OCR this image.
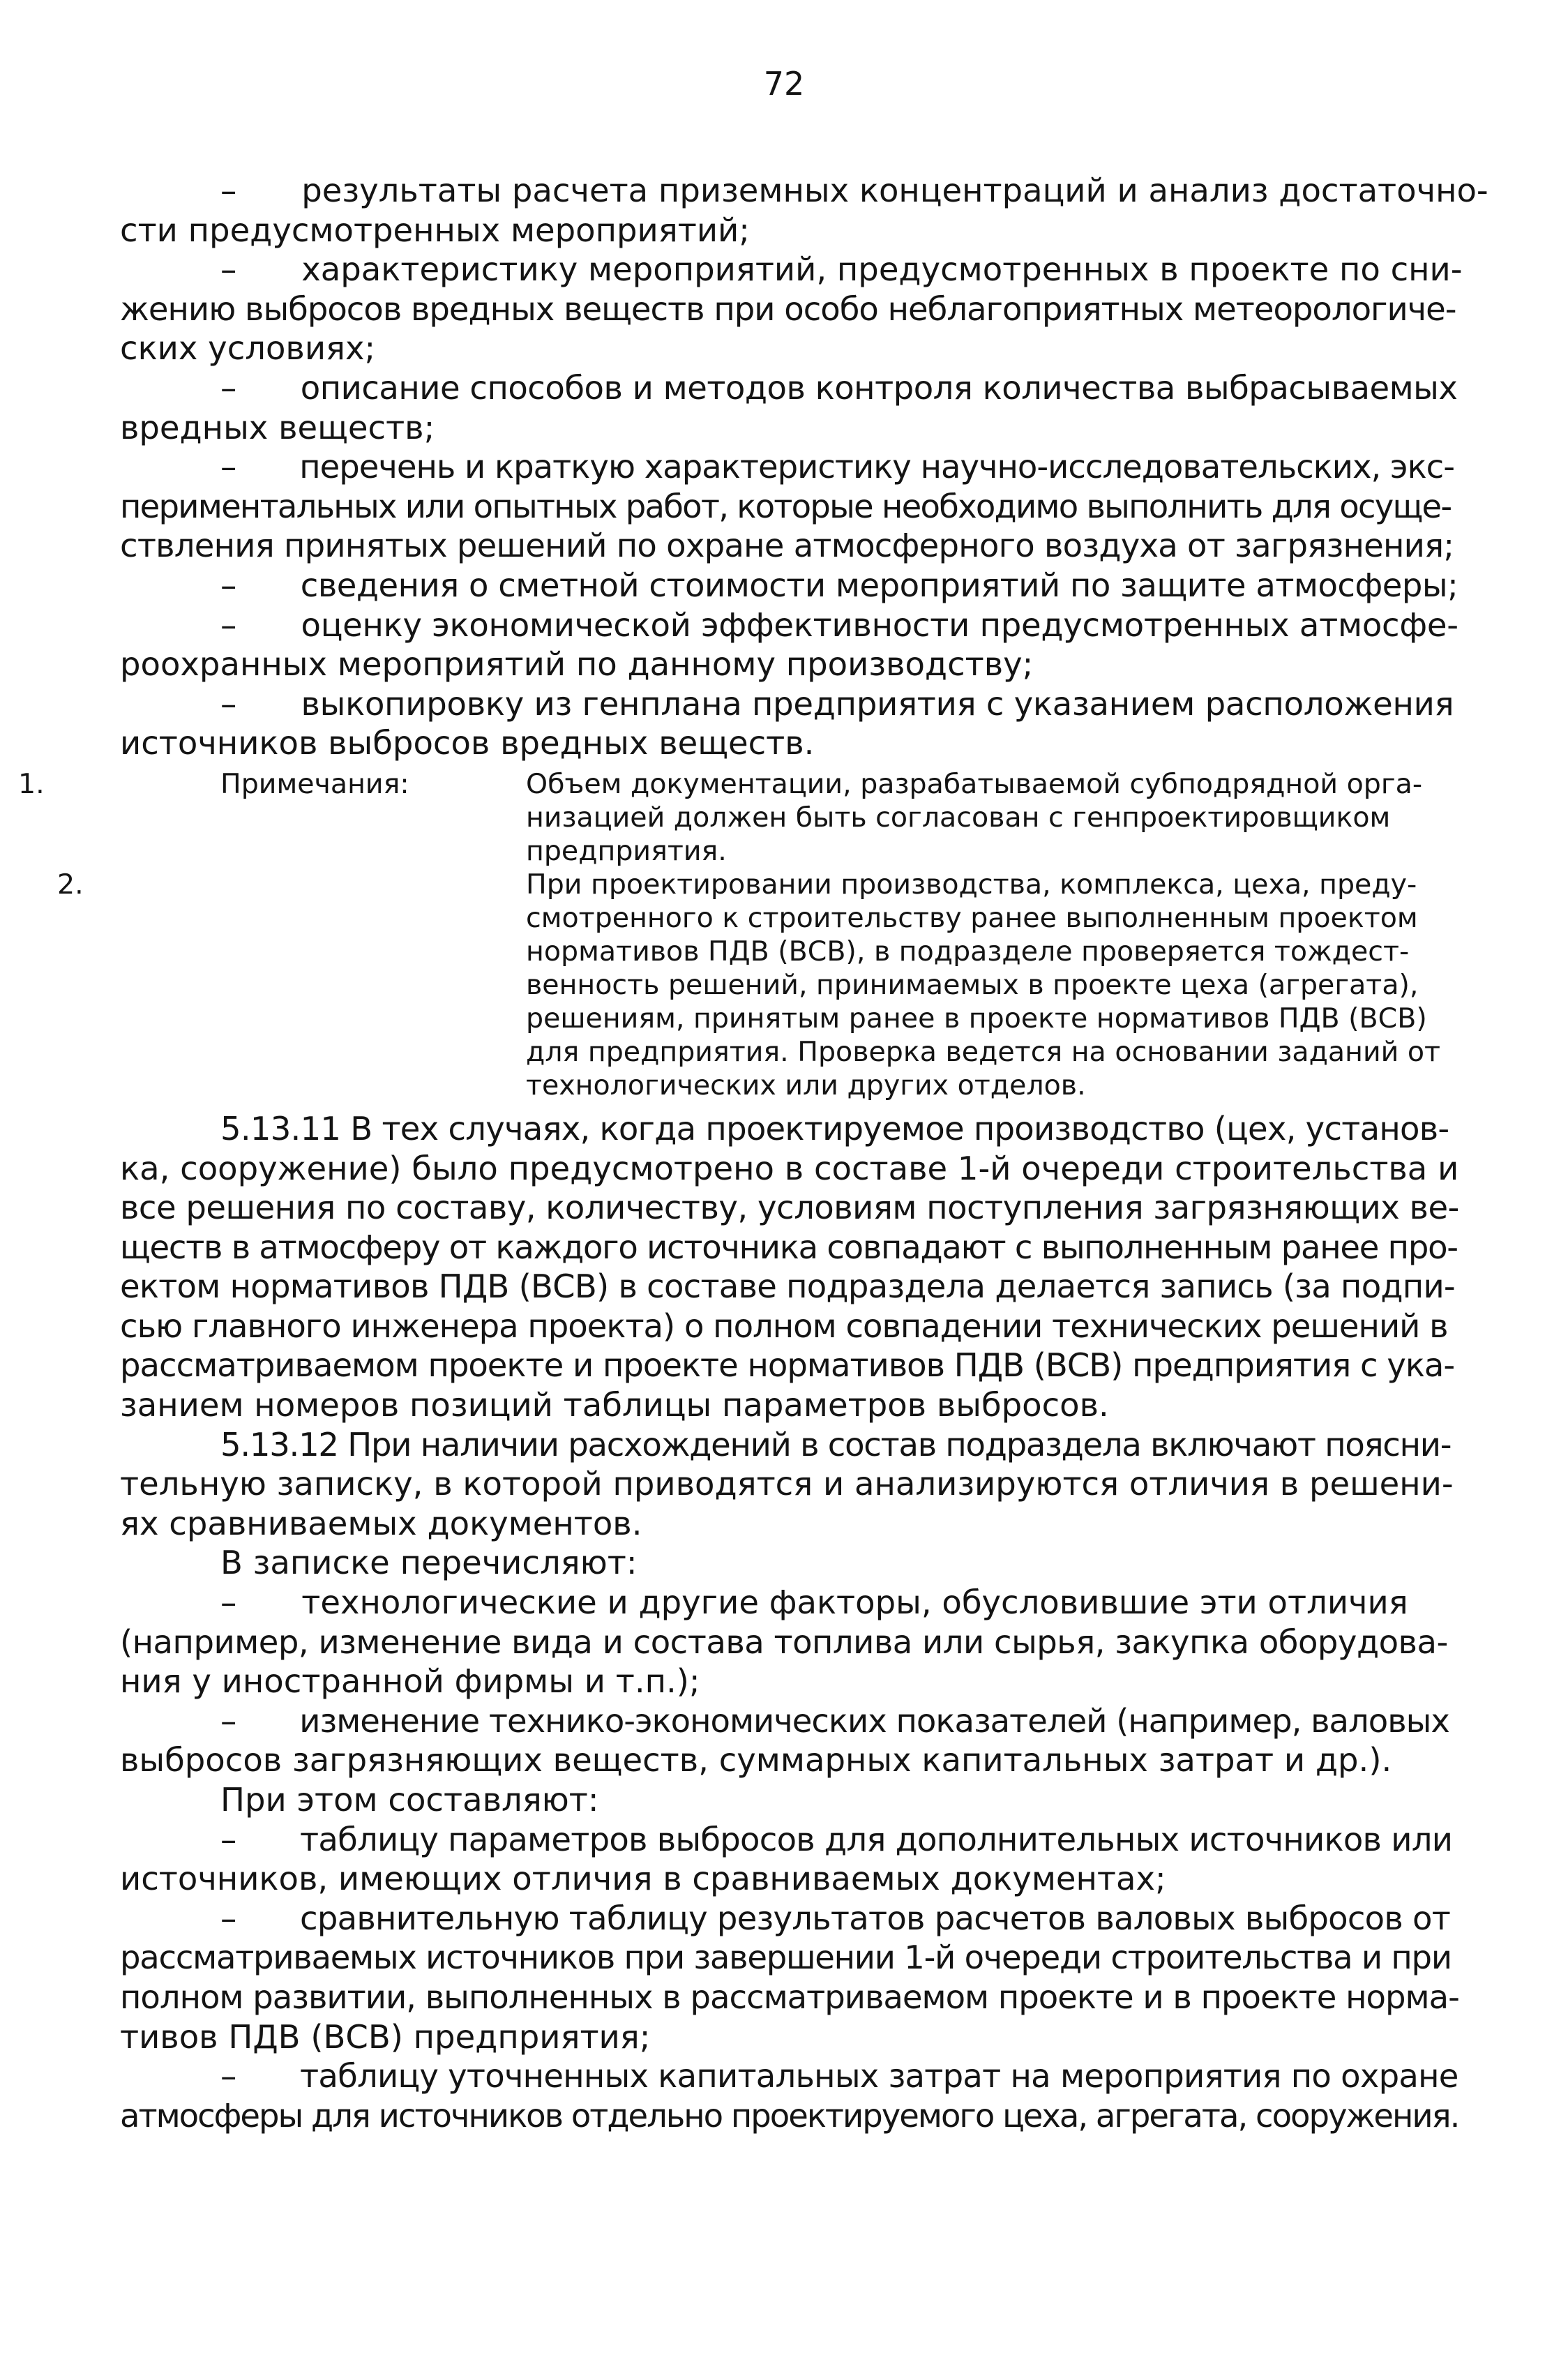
72
–  результаты расчета приземных концентраций и анализ достаточно-
сти предусмотренных мероприятий;
–  характеристику мероприятий, предусмотренных в проекте по сни-
жению выбросов вредных веществ при особо неблагоприятных метеорологиче-
ских условиях;
–  описание способов и методов контроля количества выбрасываемых
вредных веществ;
–  перечень и краткую характеристику научно-исследовательских, экс-
периментальных или опытных работ, которые необходимо выполнить для осуще-
ствления принятых решений по охране атмосферного воздуха от загрязнения;
–  сведения о сметной стоимости мероприятий по защите атмосферы;
–  оценку экономической эффективности предусмотренных атмосфе-
роохранных мероприятий по данному производству;
–  выкопировку из генплана предприятия с указанием расположения
источников выбросов вредных веществ.
Примечания:
1.	Объем документации, разрабатываемой субподрядной орга-
низацией должен быть согласован с генпроектировщиком
предприятия.
2.	При проектировании производства, комплекса, цеха, преду-
смотренного к строительству ранее выполненным проектом
нормативов ПДВ (ВСВ), в подразделе проверяется тождест-
венность решений, принимаемых в проекте цеха (агрегата),
решениям, принятым ранее в проекте нормативов ПДВ (ВСВ)
для предприятия. Проверка ведется на основании заданий от
технологических или других отделов.
5.13.11 В тех случаях, когда проектируемое производство (цех, установ-
ка, сооружение) было предусмотрено в составе 1-й очереди строительства и
все решения по составу, количеству, условиям поступления загрязняющих ве-
ществ в атмосферу от каждого источника совпадают с выполненным ранее про-
ектом нормативов ПДВ (ВСВ) в составе подраздела делается запись (за подпи-
сью главного инженера проекта) о полном совпадении технических решений в
рассматриваемом проекте и проекте нормативов ПДВ (ВСВ) предприятия с ука-
занием номеров позиций таблицы параметров выбросов.
5.13.12 При наличии расхождений в состав подраздела включают поясни-
тельную записку, в которой приводятся и анализируются отличия в решени-
ях сравниваемых документов.
В записке перечисляют:
–  технологические и другие факторы, обусловившие эти отличия
(например, изменение вида и состава топлива или сырья, закупка оборудова-
ния у иностранной фирмы и т.п.);
–  изменение технико-экономических показателей (например, валовых
выбросов загрязняющих веществ, суммарных капитальных затрат и др.).
При этом составляют:
–  таблицу параметров выбросов для дополнительных источников или
источников, имеющих отличия в сравниваемых документах;
–  сравнительную таблицу результатов расчетов валовых выбросов от
рассматриваемых источников при завершении 1-й очереди строительства и при
полном развитии, выполненных в рассматриваемом проекте и в проекте норма-
тивов ПДВ (ВСВ) предприятия;
–  таблицу уточненных капитальных затрат на мероприятия по охране
атмосферы для источников отдельно проектируемого цеха, агрегата, сооружения.
